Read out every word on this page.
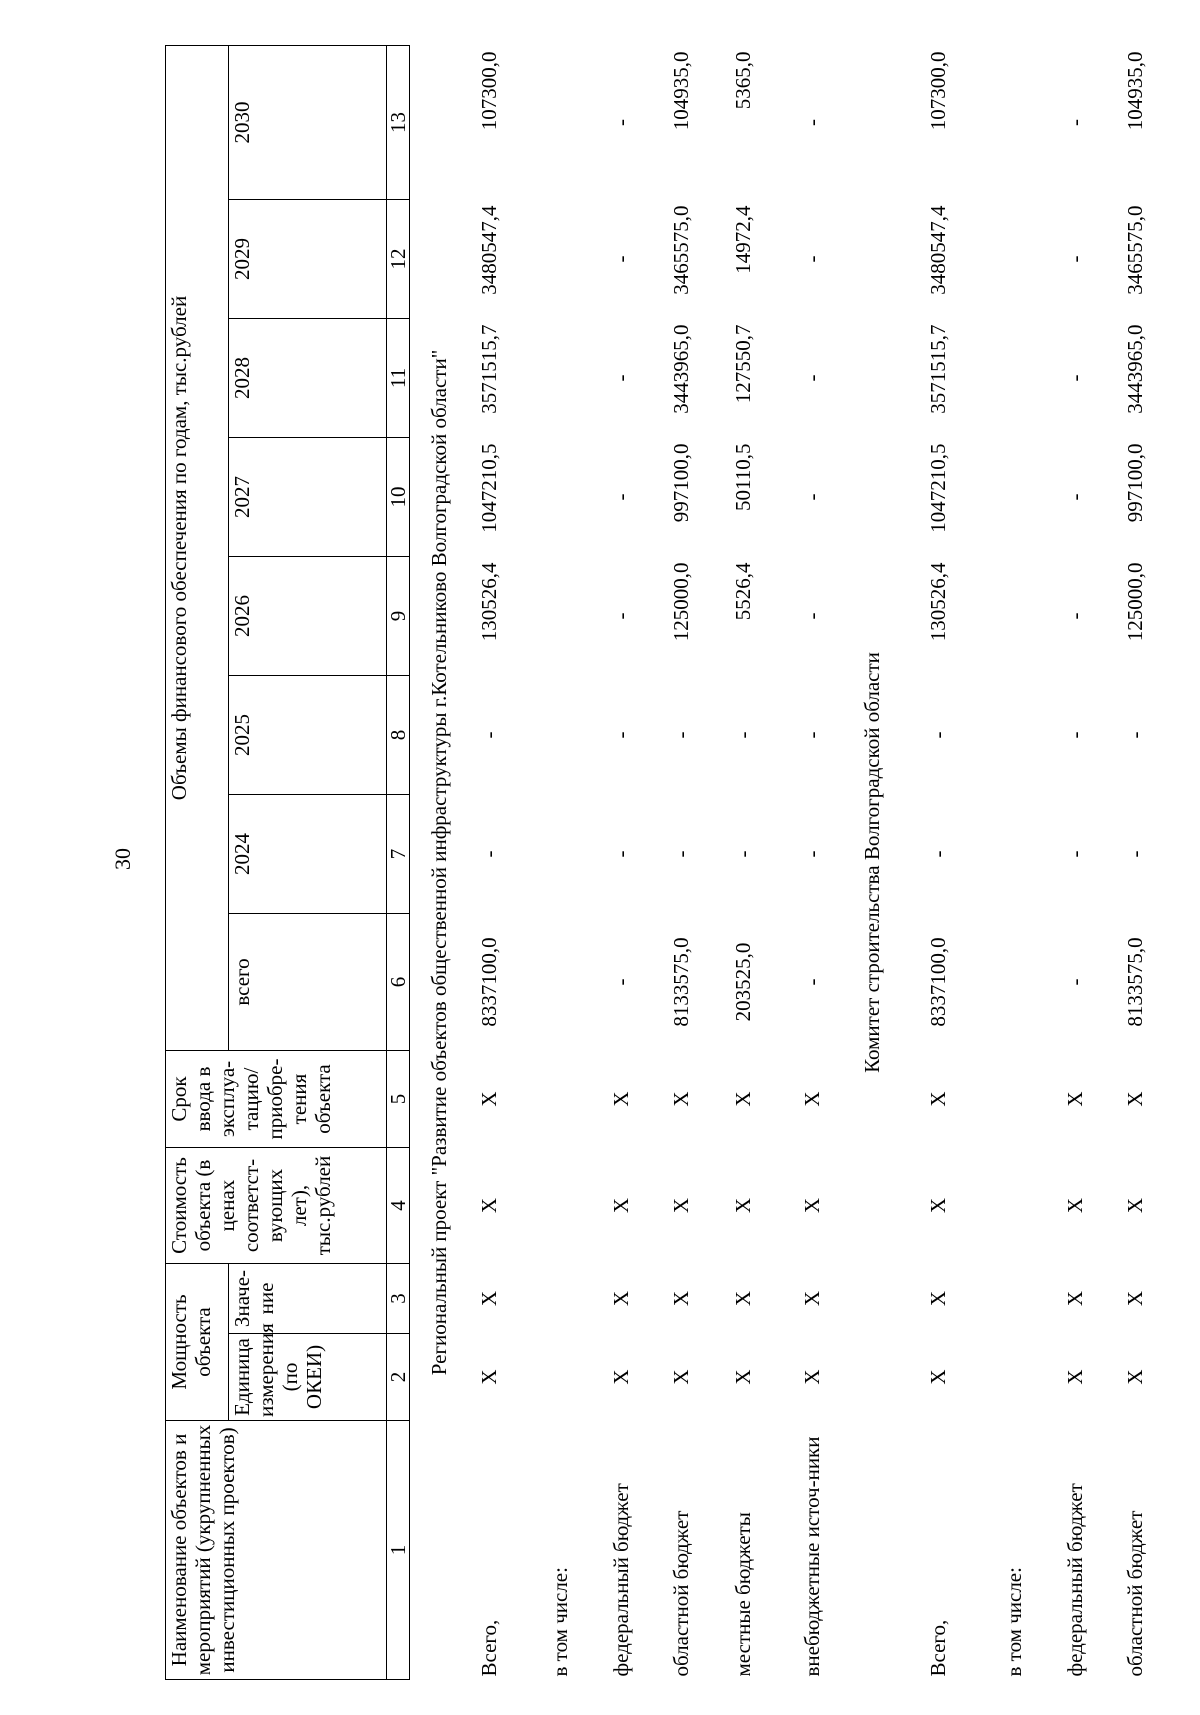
30
Наименование объектов и мероприятий (укрупненных инвестиционных проектов)	Мощность объекта		Стоимость объекта (в ценах соответст-вующих лет), тыс.рублей	Срок ввода в эксплуа-тацию/ приобре-тения объекта	Объемы финансового обеспечения по годам, тыс.рублей							
	Единица измерения (по ОКЕИ)	Значе-ние			всего	2024	2025	2026	2027	2028	2029	2030
1	2	3	4	5	6	7	8	9	10	11	12	13
Региональный проект "Развитие объектов общественной инфраструктуры г.Котельниково Волгоградской области"												
Всего,	X	X	X	X	8337100,0	-	-	130526,4	1047210,5	3571515,7	3480547,4	107300,0
в том числе:												
федеральный бюджет	X	X	X	X	-	-	-	-	-	-	-	-
областной бюджет	X	X	X	X	8133575,0	-	-	125000,0	997100,0	3443965,0	3465575,0	104935,0
местные бюджеты	X	X	X	X	203525,0	-	-	5526,4	50110,5	127550,7	14972,4	5365,0
внебюджетные источ-ники	X	X	X	X	-	-	-	-	-	-	-	-
Комитет строительства Волгоградской области												
Всего,	X	X	X	X	8337100,0	-	-	130526,4	1047210,5	3571515,7	3480547,4	107300,0
в том числе:												
федеральный бюджет	X	X	X	X	-	-	-	-	-	-	-	-
областной бюджет	X	X	X	X	8133575,0	-	-	125000,0	997100,0	3443965,0	3465575,0	104935,0
